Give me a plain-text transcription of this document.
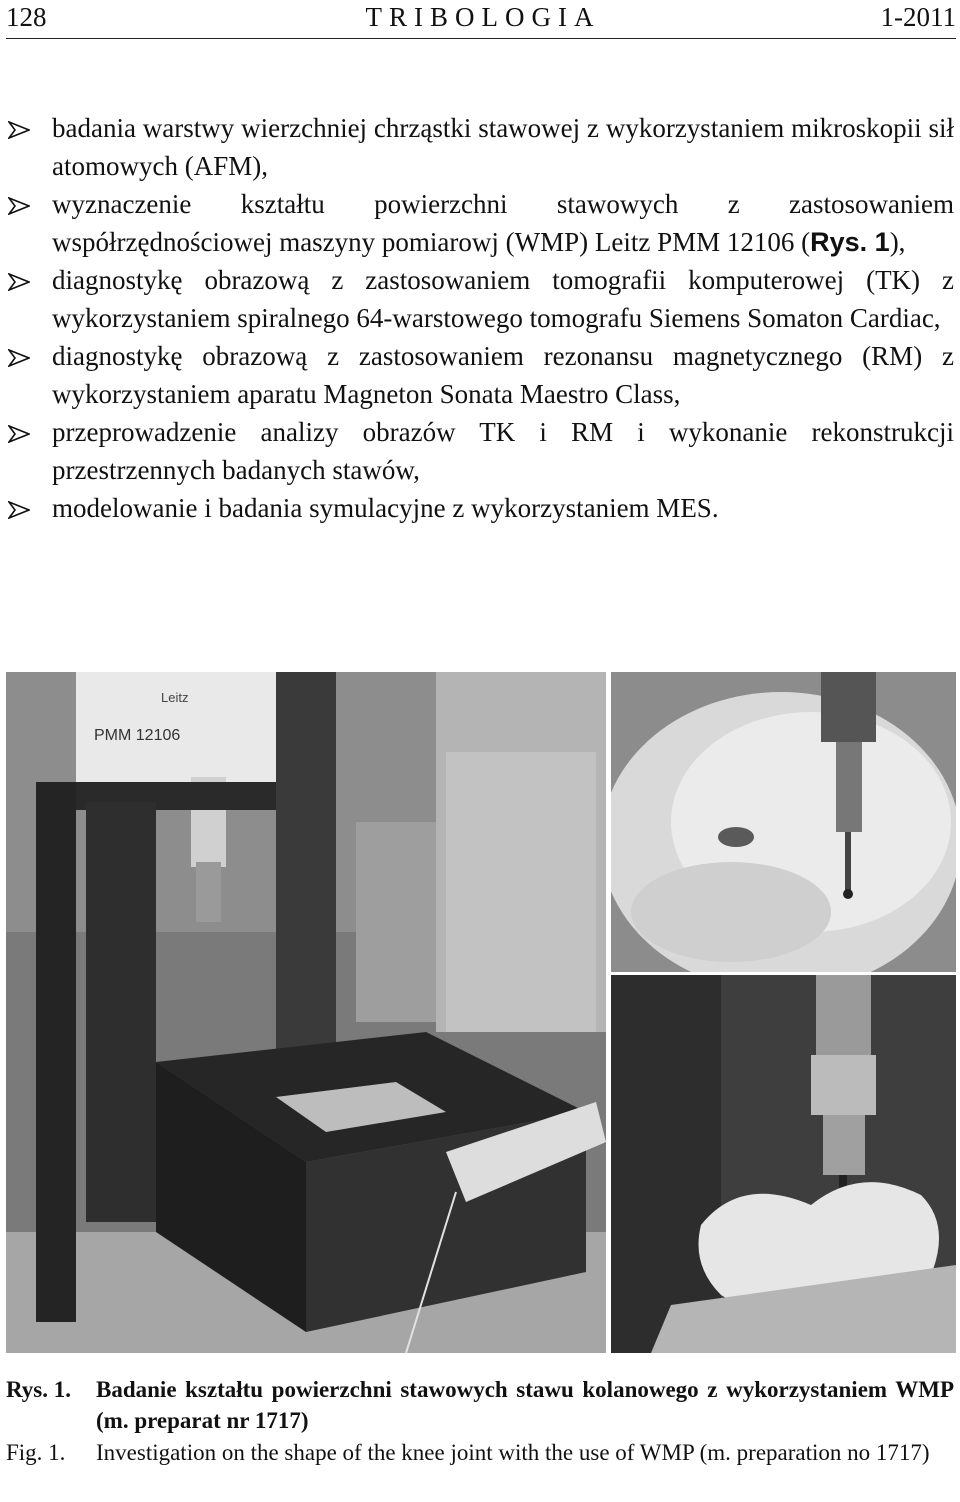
128	TRIBOLOGIA	1-2011
badania warstwy wierzchniej chrząstki stawowej z wykorzystaniem mikroskopii sił atomowych (AFM),
wyznaczenie kształtu powierzchni stawowych z zastosowaniem współrzędnościowej maszyny pomiarowj (WMP) Leitz PMM 12106 (Rys. 1),
diagnostykę obrazową z zastosowaniem tomografii komputerowej (TK) z wykorzystaniem spiralnego 64-warstowego tomografu Siemens Somaton Cardiac,
diagnostykę obrazową z zastosowaniem rezonansu magnetycznego (RM) z wykorzystaniem aparatu Magneton Sonata Maestro Class,
przeprowadzenie analizy obrazów TK i RM i wykonanie rekonstrukcji przestrzennych badanych stawów,
modelowanie i badania symulacyjne z wykorzystaniem MES.
PMM 12106
Leitz
Rys. 1. Badanie kształtu powierzchni stawowych stawu kolanowego z wykorzystaniem WMP (m. preparat nr 1717)
Fig. 1. Investigation on the shape of the knee joint with the use of WMP (m. preparation no 1717)
